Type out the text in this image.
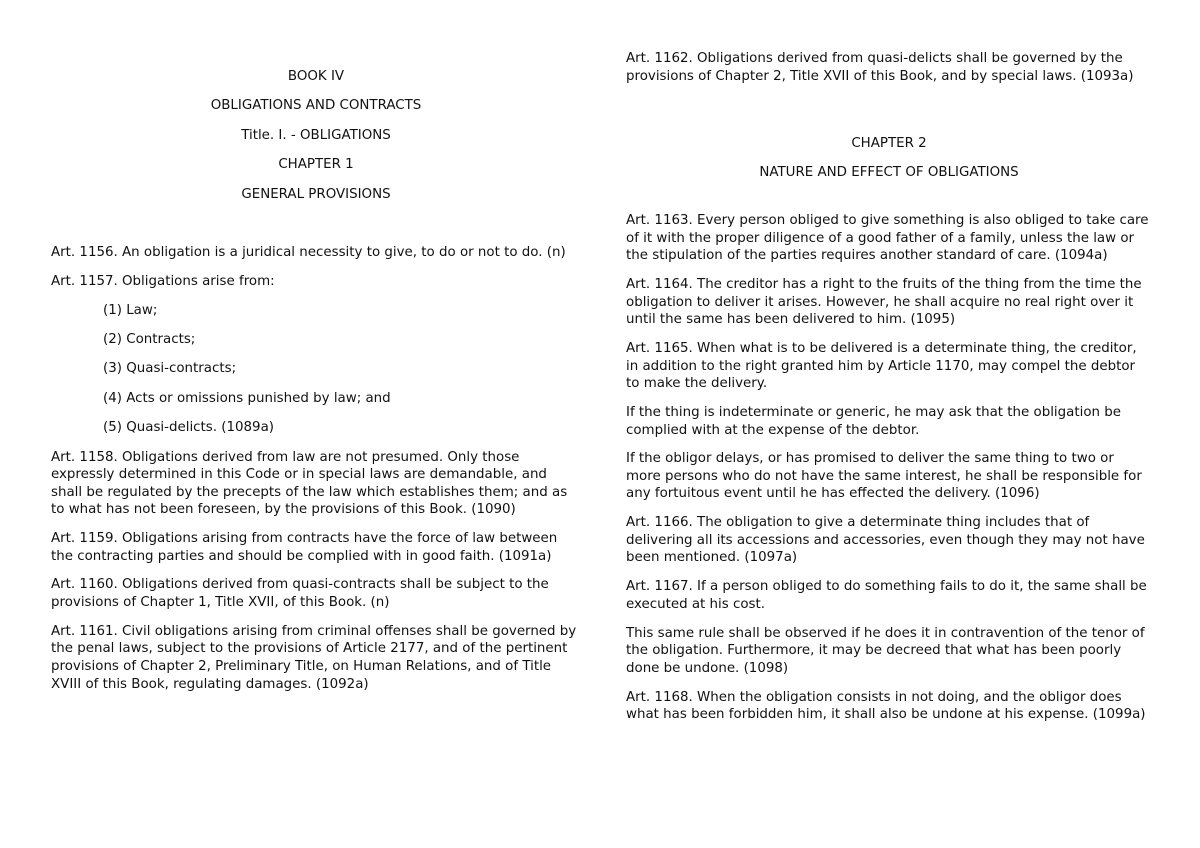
BOOK IV

OBLIGATIONS AND CONTRACTS

Title. I. - OBLIGATIONS

CHAPTER 1

GENERAL PROVISIONS

Art. 1156. An obligation is a juridical necessity to give, to do or not to do. (n)

Art. 1157. Obligations arise from:

(1) Law;

(2) Contracts;

(3) Quasi-contracts;

(4) Acts or omissions punished by law; and

(5) Quasi-delicts. (1089a)

Art. 1158. Obligations derived from law are not presumed. Only those expressly determined in this Code or in special laws are demandable, and shall be regulated by the precepts of the law which establishes them; and as to what has not been foreseen, by the provisions of this Book. (1090)

Art. 1159. Obligations arising from contracts have the force of law between the contracting parties and should be complied with in good faith. (1091a)

Art. 1160. Obligations derived from quasi-contracts shall be subject to the provisions of Chapter 1, Title XVII, of this Book. (n)

Art. 1161. Civil obligations arising from criminal offenses shall be governed by the penal laws, subject to the provisions of Article 2177, and of the pertinent provisions of Chapter 2, Preliminary Title, on Human Relations, and of Title XVIII of this Book, regulating damages. (1092a)

Art. 1162. Obligations derived from quasi-delicts shall be governed by the provisions of Chapter 2, Title XVII of this Book, and by special laws. (1093a)

CHAPTER 2

NATURE AND EFFECT OF OBLIGATIONS

Art. 1163. Every person obliged to give something is also obliged to take care of it with the proper diligence of a good father of a family, unless the law or the stipulation of the parties requires another standard of care. (1094a)

Art. 1164. The creditor has a right to the fruits of the thing from the time the obligation to deliver it arises. However, he shall acquire no real right over it until the same has been delivered to him. (1095)

Art. 1165. When what is to be delivered is a determinate thing, the creditor, in addition to the right granted him by Article 1170, may compel the debtor to make the delivery.

If the thing is indeterminate or generic, he may ask that the obligation be complied with at the expense of the debtor.

If the obligor delays, or has promised to deliver the same thing to two or more persons who do not have the same interest, he shall be responsible for any fortuitous event until he has effected the delivery. (1096)

Art. 1166. The obligation to give a determinate thing includes that of delivering all its accessions and accessories, even though they may not have been mentioned. (1097a)

Art. 1167. If a person obliged to do something fails to do it, the same shall be executed at his cost.

This same rule shall be observed if he does it in contravention of the tenor of the obligation. Furthermore, it may be decreed that what has been poorly done be undone. (1098)

Art. 1168. When the obligation consists in not doing, and the obligor does what has been forbidden him, it shall also be undone at his expense. (1099a)
